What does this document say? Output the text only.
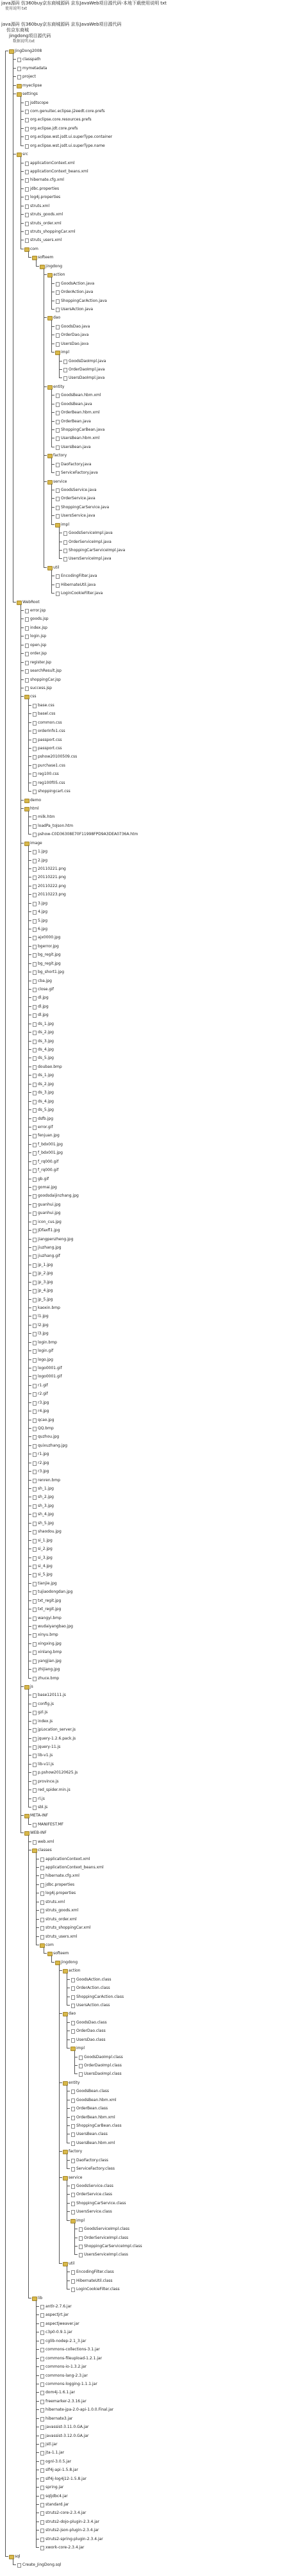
java源码 仿360buy京东商城源码 京东JavaWeb项目源代码-本地下载使用说明 txt
使用说明 txt
java源码 仿360buy京东商城源码 京东JavaWeb项目源代码
仿京东商城
jingdong项目源代码
数据说明.txt
JingDong2008
classpath
mymetadata
project
myeclipse
settings
jsdtscope
com.genuitec.eclipse.j2eedt.core.prefs
org.eclipse.core.resources.prefs
org.eclipse.jdt.core.prefs
org.eclipse.wst.jsdt.ui.superType.container
org.eclipse.wst.jsdt.ui.superType.name
src
applicationContext.xml
applicationContext_beans.xml
hibernate.cfg.xml
jdbc.properties
log4j.properties
struts.xml
struts_goods.xml
struts_order.xml
struts_shoppingCar.xml
struts_users.xml
com
softeem
jingdong
action
GoodsAction.java
OrderAction.java
ShoppingCarAction.java
UsersAction.java
dao
GoodsDao.java
OrderDao.java
UsersDao.java
impl
GoodsDaoImpl.java
OrderDaoImpl.java
UsersDaoImpl.java
entity
GoodsBean.hbm.xml
GoodsBean.java
OrderBean.hbm.xml
OrderBean.java
ShoppingCarBean.java
UsersBean.hbm.xml
UsersBean.java
factory
DaoFactory.java
ServiceFactory.java
service
GoodsService.java
OrderService.java
ShoppingCarService.java
UsersService.java
impl
GoodsServiceImpl.java
OrderServiceImpl.java
ShoppingCarServiceImpl.java
UsersServiceImpl.java
util
EncodingFilter.java
HibernateUtil.java
LoginCookieFilter.java
WebRoot
error.jsp
goods.jsp
index.jsp
login.jsp
open.jsp
order.jsp
register.jsp
searchResult.jsp
shoppingCar.jsp
success.jsp
css
base.css
basel.css
common.css
orderInfo1.css
passport.css
passport.css
pshow20100509.css
purchase1.css
reg100.css
reg100f05.css
shoppingcart.css
demo
html
milk.htm
loadPa_toJson.htm
pshow-C0D36308E70F11998FPD9A3DEA0736A.htm
image
1.jpg
2.jpg
20110221.png
20110221.png
20110222.png
20110223.png
3.jpg
4.jpg
5.jpg
6.jpg
ajx0000.jpg
bgerror.jpg
bg_regit.jpg
bg_regit.jpg
bg_short1.jpg
cba.jpg
close.gif
dl.jpg
dl.jpg
dl.jpg
ds_1.jpg
ds_2.jpg
ds_3.jpg
ds_4.jpg
ds_5.jpg
doubao.bmp
ds_1.jpg
ds_2.jpg
ds_3.jpg
ds_4.jpg
ds_5.jpg
dsfb.jpg
error.gif
fenjuan.jpg
f_bdx001.jpg
f_bdx001.jpg
f_rq000.gif
f_rq000.gif
gb.gif
gomai.jpg
goodsdaijinzhang.jpg
guanhui.jpg
guanhui.jpg
icon_cus.jpg
JDfaxfl1.jpg
jiangpenzheng.jpg
jiuzhang.jpg
jiuzhang.gif
jp_1.jpg
jp_2.jpg
jp_3.jpg
jp_4.jpg
jp_5.jpg
kaoxin.bmp
l1.jpg
l2.jpg
l3.jpg
login.bmp
login.gif
logo.jpg
logo0001.gif
logo0001.gif
r1.gif
r2.gif
r3.jpg
r4.jpg
qcao.jpg
QQ.bmp
quzhou.jpg
quixuzhang.jpg
r1.jpg
r2.jpg
r3.jpg
renren.bmp
sh_1.jpg
sh_2.jpg
sh_3.jpg
sh_4.jpg
sh_5.jpg
shaodou.jpg
si_1.jpg
si_2.jpg
si_3.jpg
si_4.jpg
si_5.jpg
tianjie.jpg
tujiaodongdan.jpg
txt_regit.jpg
txt_regit.jpg
wangyi.bmp
wudaiyangbao.jpg
xinyu.bmp
xingxing.jpg
xinlang.bmp
yangjian.jpg
zhijiang.jpg
zhuce.bmp
js
base120111.js
config.js
gzl.js
index.js
jpLocation_server.js
jquery-1.2.6.pack.js
jquery-11.js
lib-v1.js
lib-v1l.js
p.pshow20120625.js
province.js
red_spider.min.js
rl.js
sbl.js
META-INF
MANIFEST.MF
WEB-INF
web.xml
classes
applicationContext.xml
applicationContext_beans.xml
hibernate.cfg.xml
jdbc.properties
log4j.properties
struts.xml
struts_goods.xml
struts_order.xml
struts_shoppingCar.xml
struts_users.xml
com
softeem
jingdong
action
GoodsAction.class
OrderAction.class
ShoppingCarAction.class
UsersAction.class
dao
GoodsDao.class
OrderDao.class
UsersDao.class
impl
GoodsDaoImpl.class
OrderDaoImpl.class
UsersDaoImpl.class
entity
GoodsBean.class
GoodsBean.hbm.xml
OrderBean.class
OrderBean.hbm.xml
ShoppingCarBean.class
UsersBean.class
UsersBean.hbm.xml
factory
DaoFactory.class
ServiceFactory.class
service
GoodsService.class
OrderService.class
ShoppingCarService.class
UsersService.class
impl
GoodsServiceImpl.class
OrderServiceImpl.class
ShoppingCarServiceImpl.class
UsersServiceImpl.class
util
EncodingFilter.class
HibernateUtil.class
LoginCookieFilter.class
lib
antlr-2.7.6.jar
aspectjrt.jar
aspectjweaver.jar
c3p0-0.9.1.jar
cglib-nodep-2.1_3.jar
commons-collections-3.1.jar
commons-fileupload-1.2.1.jar
commons-io-1.3.2.jar
commons-lang-2.3.jar
commons-logging-1.1.1.jar
dom4j-1.6.1.jar
freemarker-2.3.16.jar
hibernate-jpa-2.0-api-1.0.0.Final.jar
hibernate3.jar
javassist-3.11.0.GA.jar
javassist-3.12.0.GA.jar
jstl.jar
jta-1.1.jar
ognl-3.0.5.jar
slf4j-api-1.5.8.jar
slf4j-log4j12-1.5.8.jar
spring.jar
sqljdbc4.jar
standard.jar
struts2-core-2.3.4.jar
struts2-dojo-plugin-2.3.4.jar
struts2-json-plugin-2.3.4.jar
struts2-spring-plugin-2.3.4.jar
xwork-core-2.3.4.jar
sql
Create_JingDong.sql
